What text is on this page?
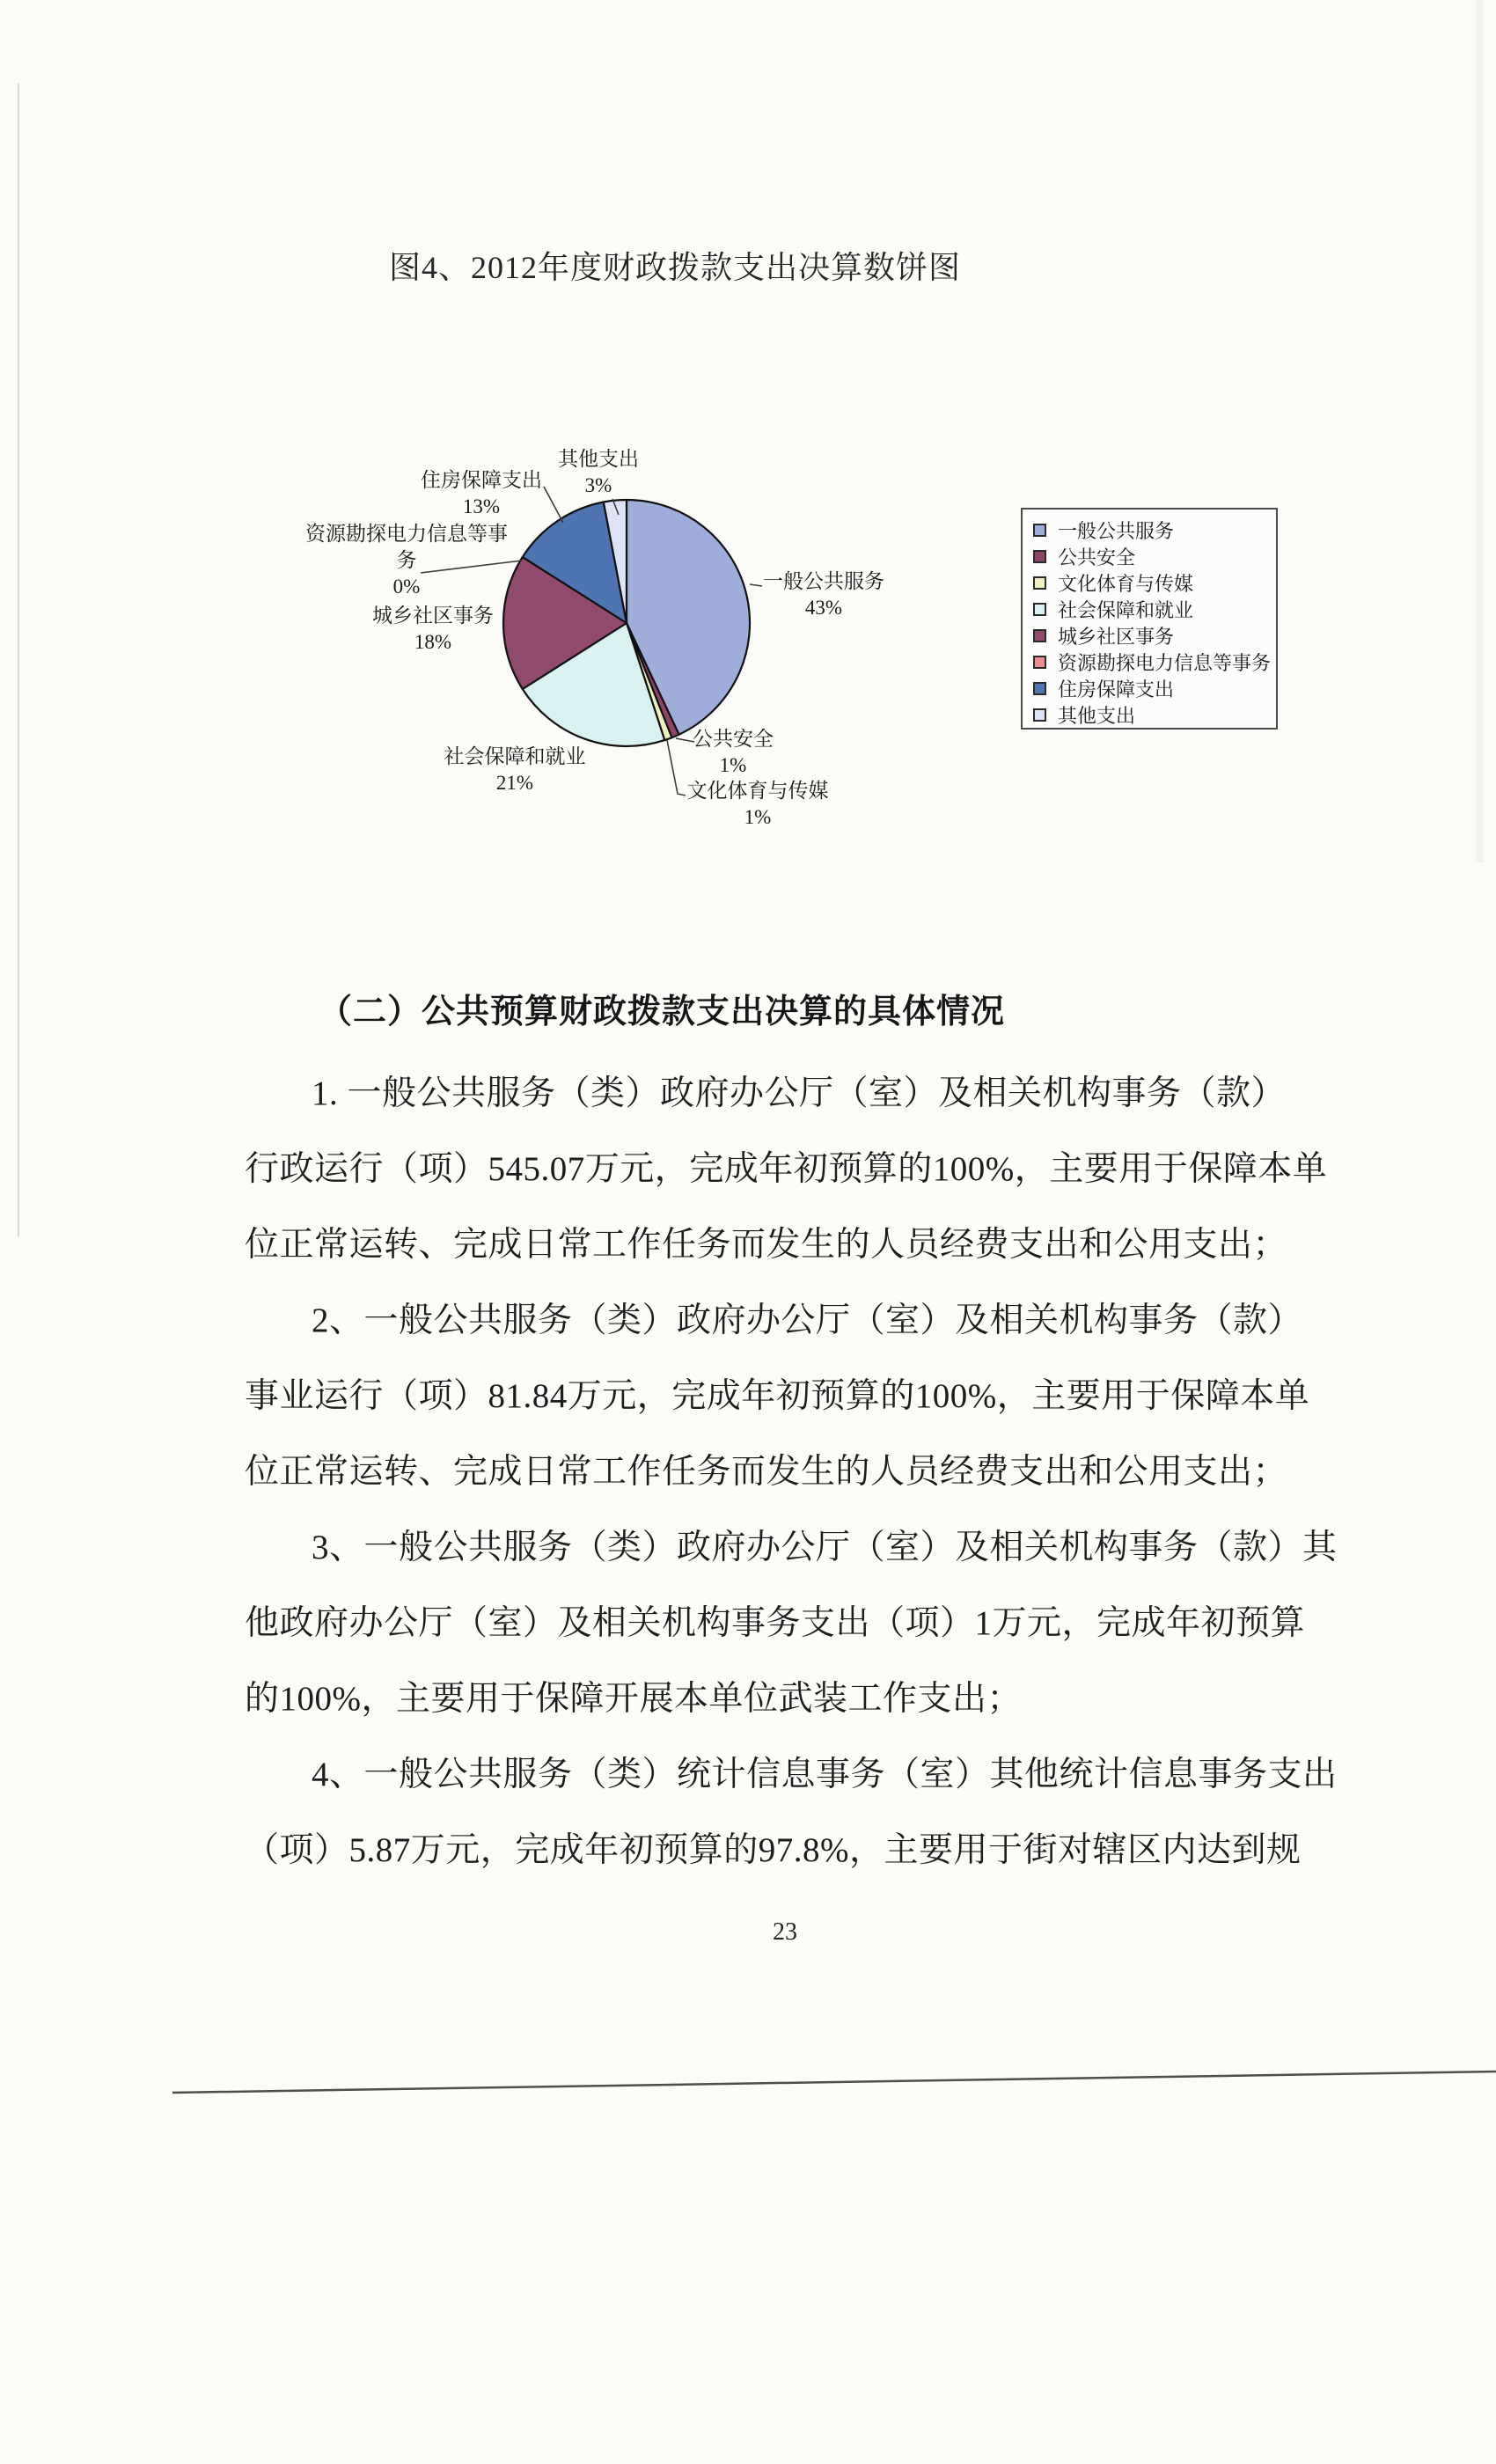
图4、2012年度财政拨款支出决算数饼图
一般公共服务
43%
公共安全
1%
文化体育与传媒
1%
社会保障和就业
21%
城乡社区事务
18%
资源勘探电力信息等事
务
0%
住房保障支出
13%
其他支出
3%
一般公共服务
公共安全
文化体育与传媒
社会保障和就业
城乡社区事务
资源勘探电力信息等事务
住房保障支出
其他支出
（二）公共预算财政拨款支出决算的具体情况
1. 一般公共服务（类）政府办公厅（室）及相关机构事务（款）
行政运行（项）545.07万元，完成年初预算的100%，主要用于保障本单
位正常运转、完成日常工作任务而发生的人员经费支出和公用支出；
2、一般公共服务（类）政府办公厅（室）及相关机构事务（款）
事业运行（项）81.84万元，完成年初预算的100%，主要用于保障本单
位正常运转、完成日常工作任务而发生的人员经费支出和公用支出；
3、一般公共服务（类）政府办公厅（室）及相关机构事务（款）其
他政府办公厅（室）及相关机构事务支出（项）1万元，完成年初预算
的100%，主要用于保障开展本单位武装工作支出；
4、一般公共服务（类）统计信息事务（室）其他统计信息事务支出
（项）5.87万元，完成年初预算的97.8%，主要用于街对辖区内达到规
23
